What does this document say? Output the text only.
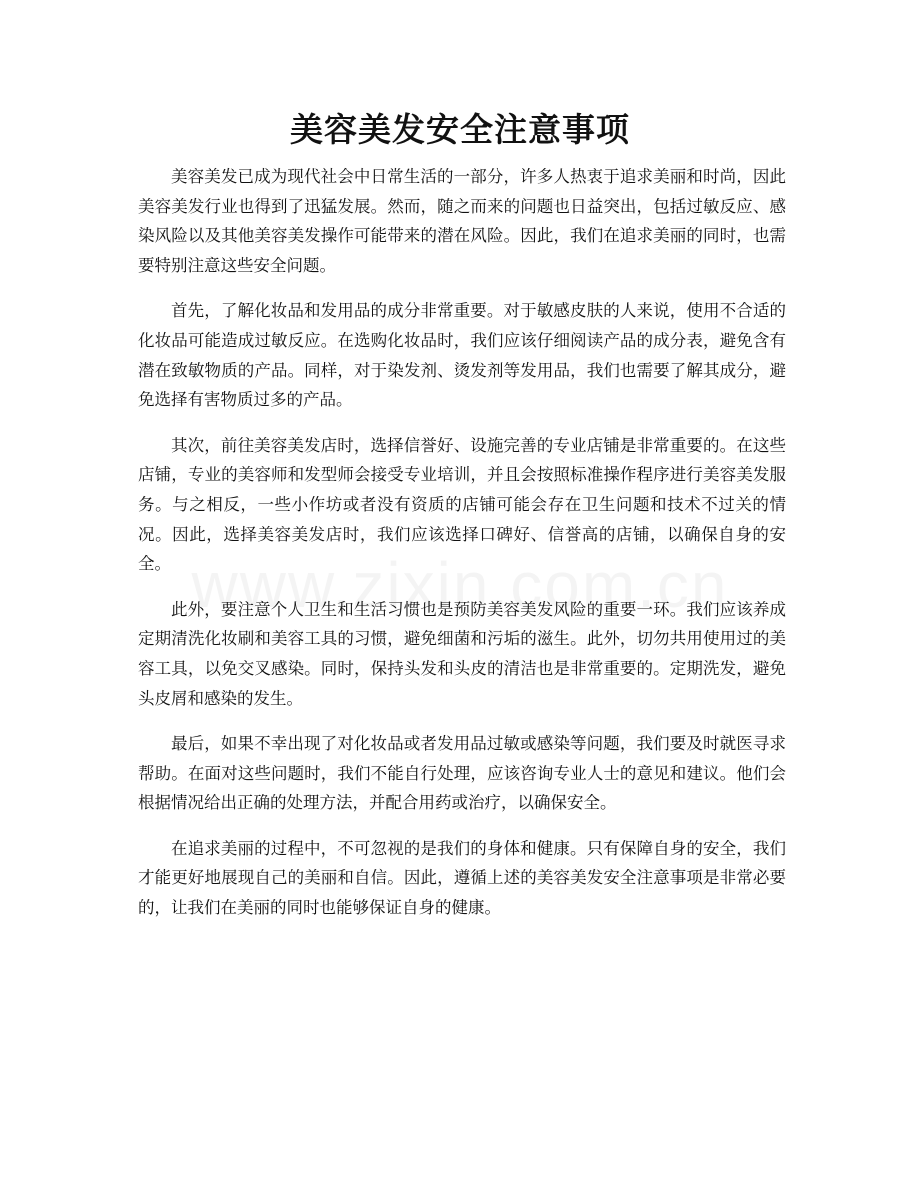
美容美发安全注意事项

美容美发已成为现代社会中日常生活的一部分，许多人热衷于追求美丽和时尚，因此美容美发行业也得到了迅猛发展。然而，随之而来的问题也日益突出，包括过敏反应、感染风险以及其他美容美发操作可能带来的潜在风险。因此，我们在追求美丽的同时，也需要特别注意这些安全问题。

首先，了解化妆品和发用品的成分非常重要。对于敏感皮肤的人来说，使用不合适的化妆品可能造成过敏反应。在选购化妆品时，我们应该仔细阅读产品的成分表，避免含有潜在致敏物质的产品。同样，对于染发剂、烫发剂等发用品，我们也需要了解其成分，避免选择有害物质过多的产品。

其次，前往美容美发店时，选择信誉好、设施完善的专业店铺是非常重要的。在这些店铺，专业的美容师和发型师会接受专业培训，并且会按照标准操作程序进行美容美发服务。与之相反，一些小作坊或者没有资质的店铺可能会存在卫生问题和技术不过关的情况。因此，选择美容美发店时，我们应该选择口碑好、信誉高的店铺，以确保自身的安全。

此外，要注意个人卫生和生活习惯也是预防美容美发风险的重要一环。我们应该养成定期清洗化妆刷和美容工具的习惯，避免细菌和污垢的滋生。此外，切勿共用使用过的美容工具，以免交叉感染。同时，保持头发和头皮的清洁也是非常重要的。定期洗发，避免头皮屑和感染的发生。

最后，如果不幸出现了对化妆品或者发用品过敏或感染等问题，我们要及时就医寻求帮助。在面对这些问题时，我们不能自行处理，应该咨询专业人士的意见和建议。他们会根据情况给出正确的处理方法，并配合用药或治疗，以确保安全。

在追求美丽的过程中，不可忽视的是我们的身体和健康。只有保障自身的安全，我们才能更好地展现自己的美丽和自信。因此，遵循上述的美容美发安全注意事项是非常必要的，让我们在美丽的同时也能够保证自身的健康。
